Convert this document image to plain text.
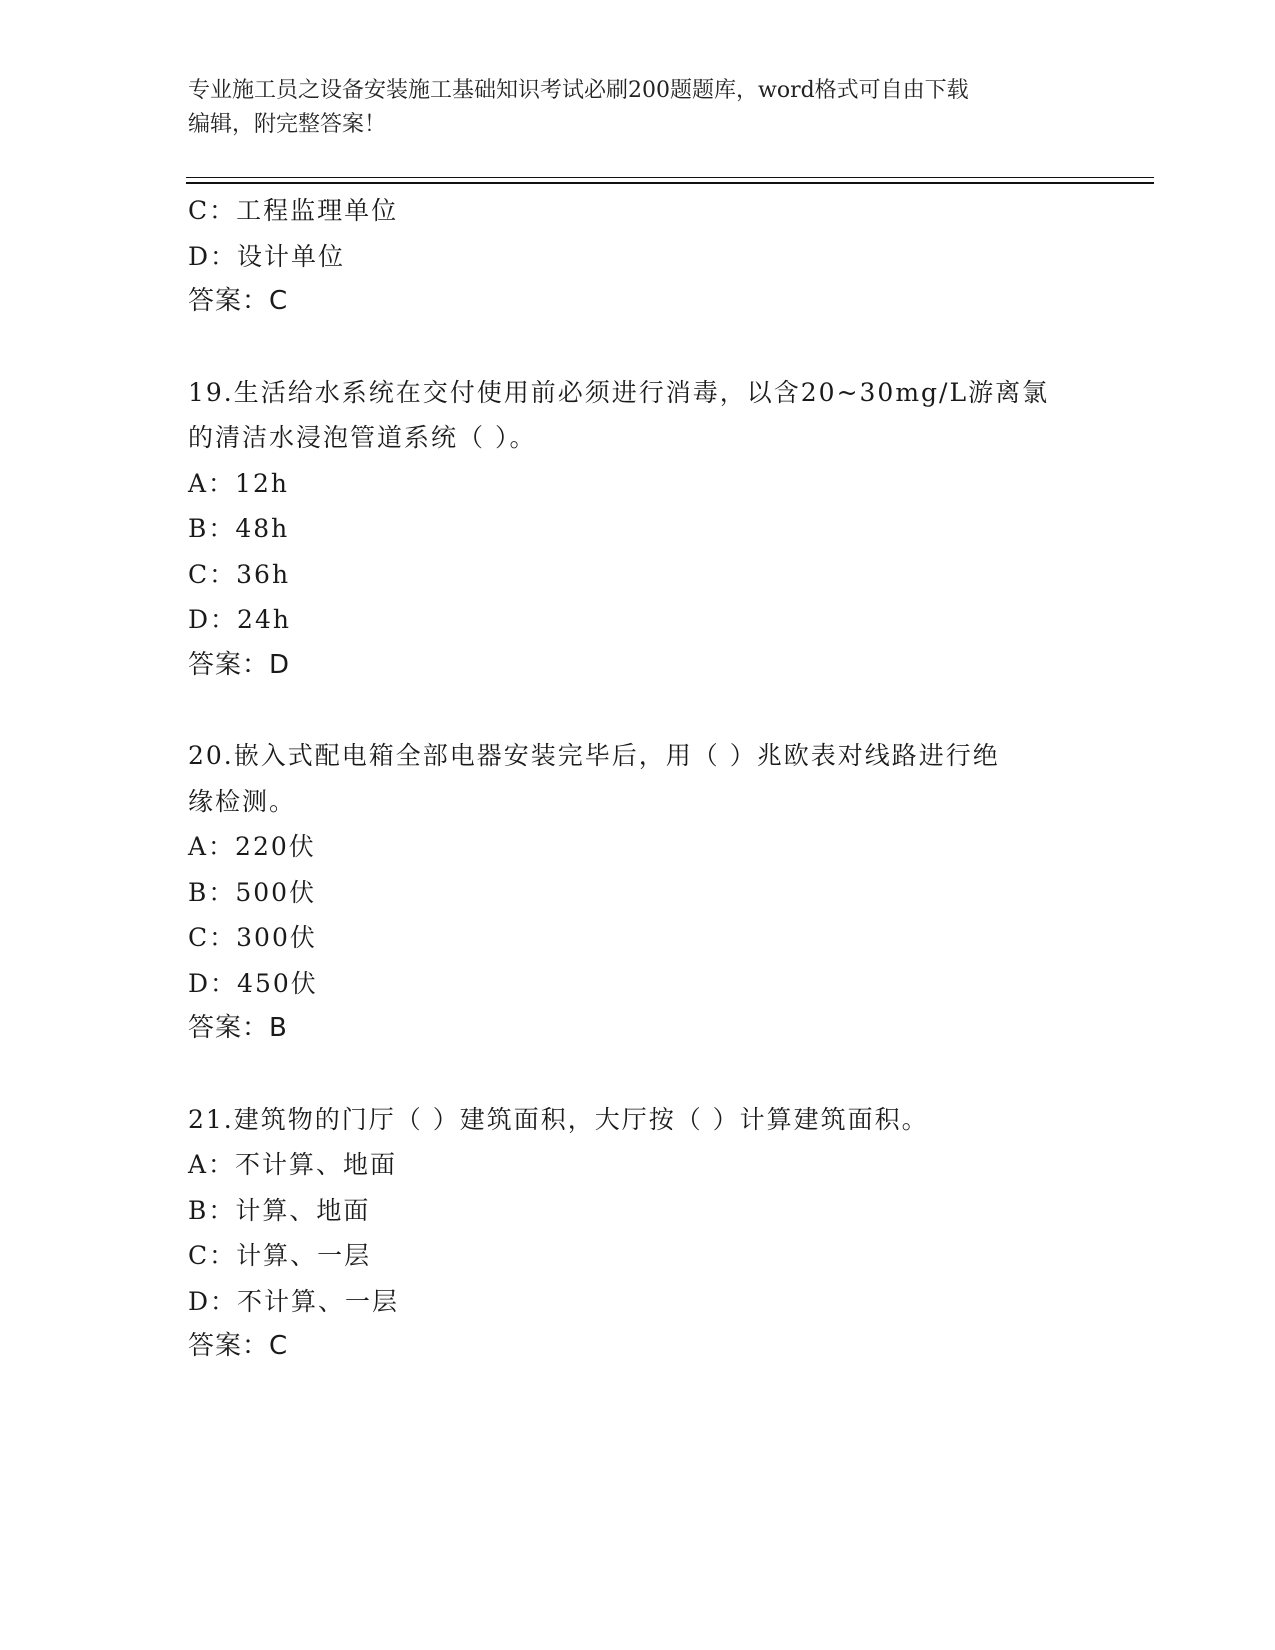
专业施工员之设备安装施工基础知识考试必刷200题题库，word格式可自由下载
编辑，附完整答案！
C：工程监理单位
D：设计单位
答案：C
19.生活给水系统在交付使用前必须进行消毒，以含20~30mg/L游离氯
的清洁水浸泡管道系统（ ）。
A：12h
B：48h
C：36h
D：24h
答案：D
20.嵌入式配电箱全部电器安装完毕后，用（ ）兆欧表对线路进行绝
缘检测。
A：220伏
B：500伏
C：300伏
D：450伏
答案：B
21.建筑物的门厅（ ）建筑面积，大厅按（ ）计算建筑面积。
A：不计算、地面
B：计算、地面
C：计算、一层
D：不计算、一层
答案：C
